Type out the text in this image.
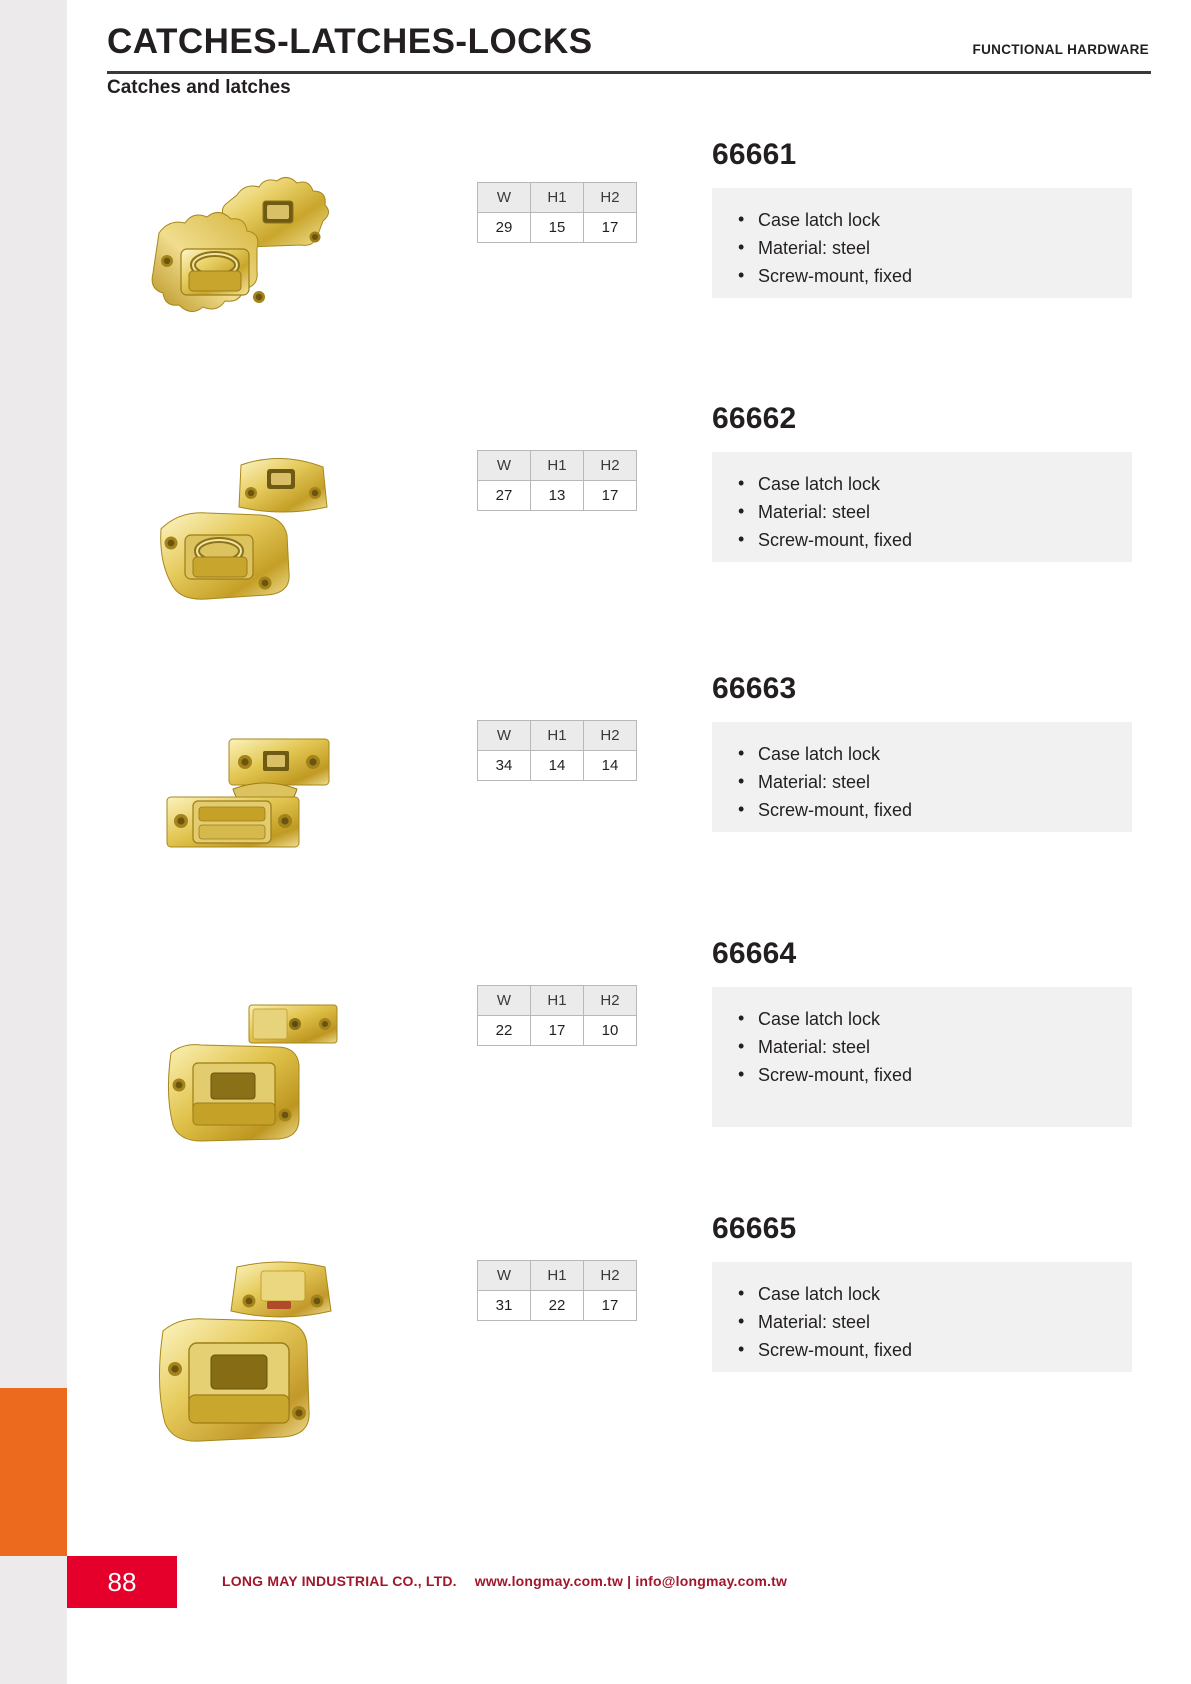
CATCHES-LATCHES-LOCKS	FUNCTIONAL HARDWARE
Catches and latches
W	H1	H2
29	15	17
66661
• Case latch lock
• Material: steel
• Screw-mount, fixed
W	H1	H2
27	13	17
66662
• Case latch lock
• Material: steel
• Screw-mount, fixed
W	H1	H2
34	14	14
66663
• Case latch lock
• Material: steel
• Screw-mount, fixed
W	H1	H2
22	17	10
66664
• Case latch lock
• Material: steel
• Screw-mount, fixed
W	H1	H2
31	22	17
66665
• Case latch lock
• Material: steel
• Screw-mount, fixed
88	LONG MAY INDUSTRIAL CO., LTD. www.longmay.com.tw | info@longmay.com.tw
